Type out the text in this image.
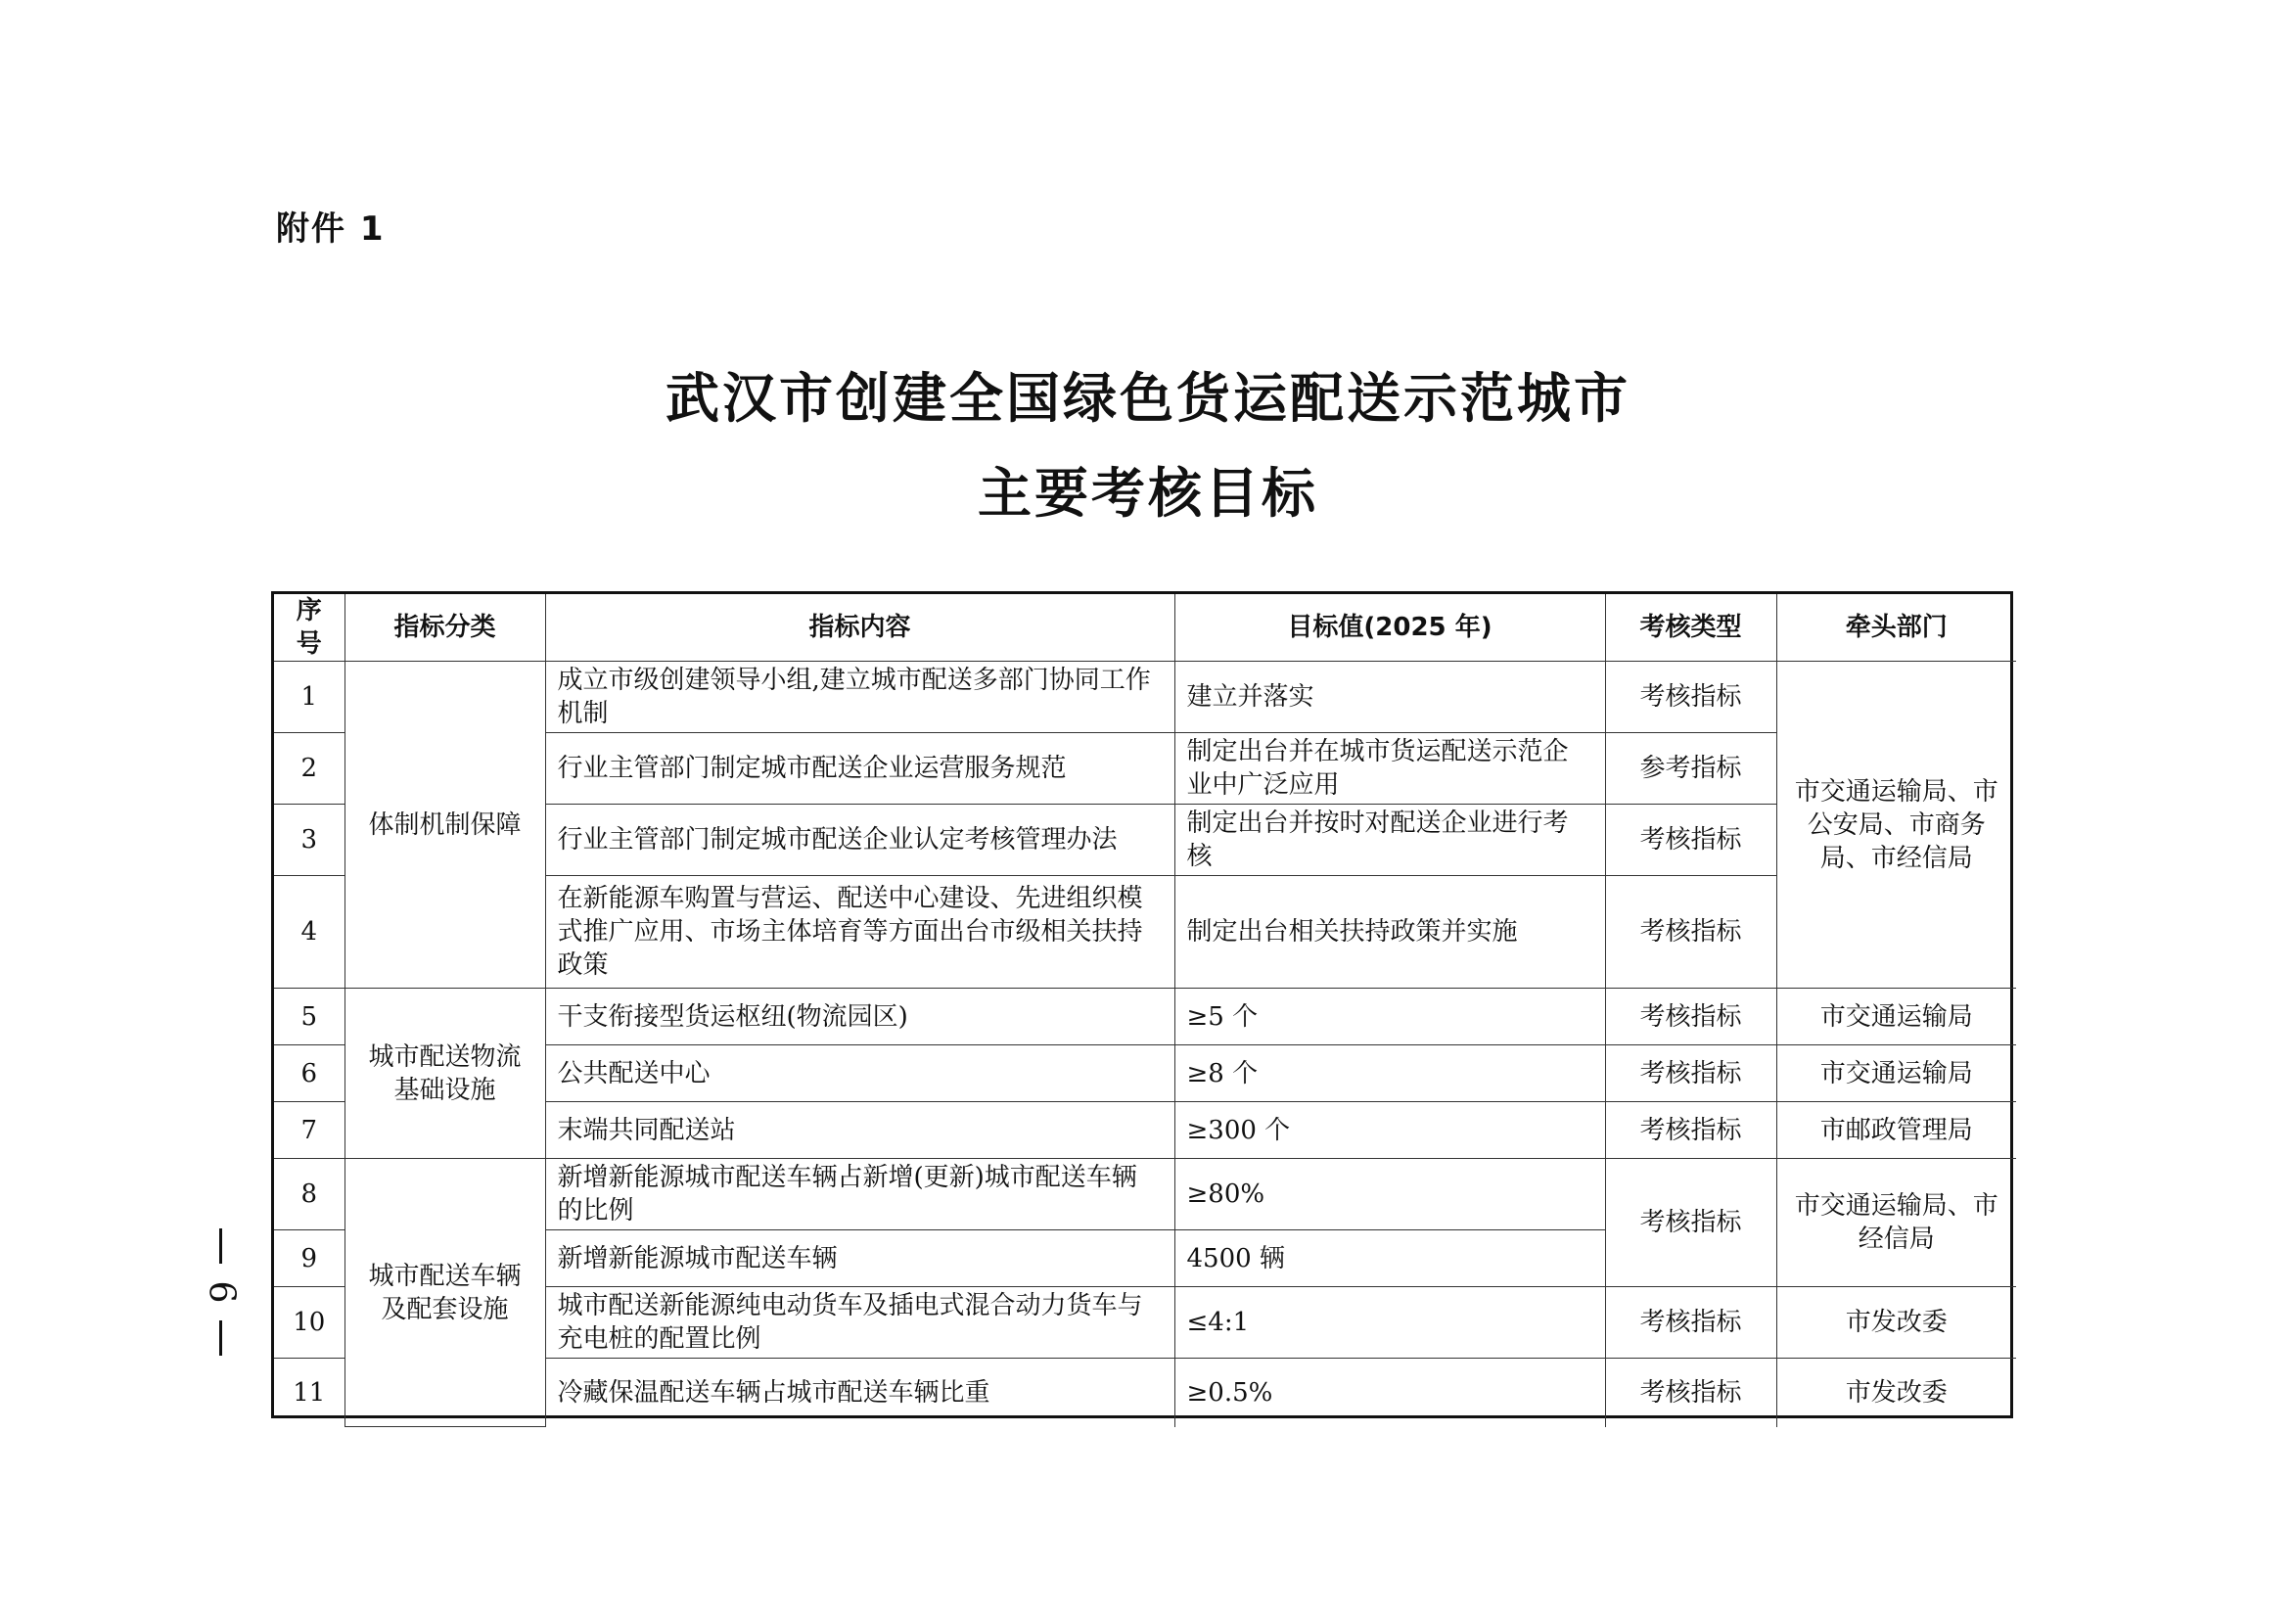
附件 1
武汉市创建全国绿色货运配送示范城市
主要考核目标
序号	指标分类	指标内容	目标值(2025 年)	考核类型	牵头部门
1	体制机制保障	成立市级创建领导小组,建立城市配送多部门协同工作机制	建立并落实	考核指标	市交通运输局、市公安局、市商务局、市经信局
2		行业主管部门制定城市配送企业运营服务规范	制定出台并在城市货运配送示范企业中广泛应用	参考指标	
3		行业主管部门制定城市配送企业认定考核管理办法	制定出台并按时对配送企业进行考核	考核指标	
4		在新能源车购置与营运、配送中心建设、先进组织模式推广应用、市场主体培育等方面出台市级相关扶持政策	制定出台相关扶持政策并实施	考核指标	
5	城市配送物流基础设施	干支衔接型货运枢纽(物流园区)	≥5 个	考核指标	市交通运输局
6		公共配送中心	≥8 个	考核指标	市交通运输局
7		末端共同配送站	≥300 个	考核指标	市邮政管理局
8	城市配送车辆及配套设施	新增新能源城市配送车辆占新增(更新)城市配送车辆的比例	≥80%	考核指标	市交通运输局、市经信局
9		新增新能源城市配送车辆	4500 辆		
10		城市配送新能源纯电动货车及插电式混合动力货车与充电桩的配置比例	≤4:1	考核指标	市发改委
11		冷藏保温配送车辆占城市配送车辆比重	≥0.5%	考核指标	市发改委
6
